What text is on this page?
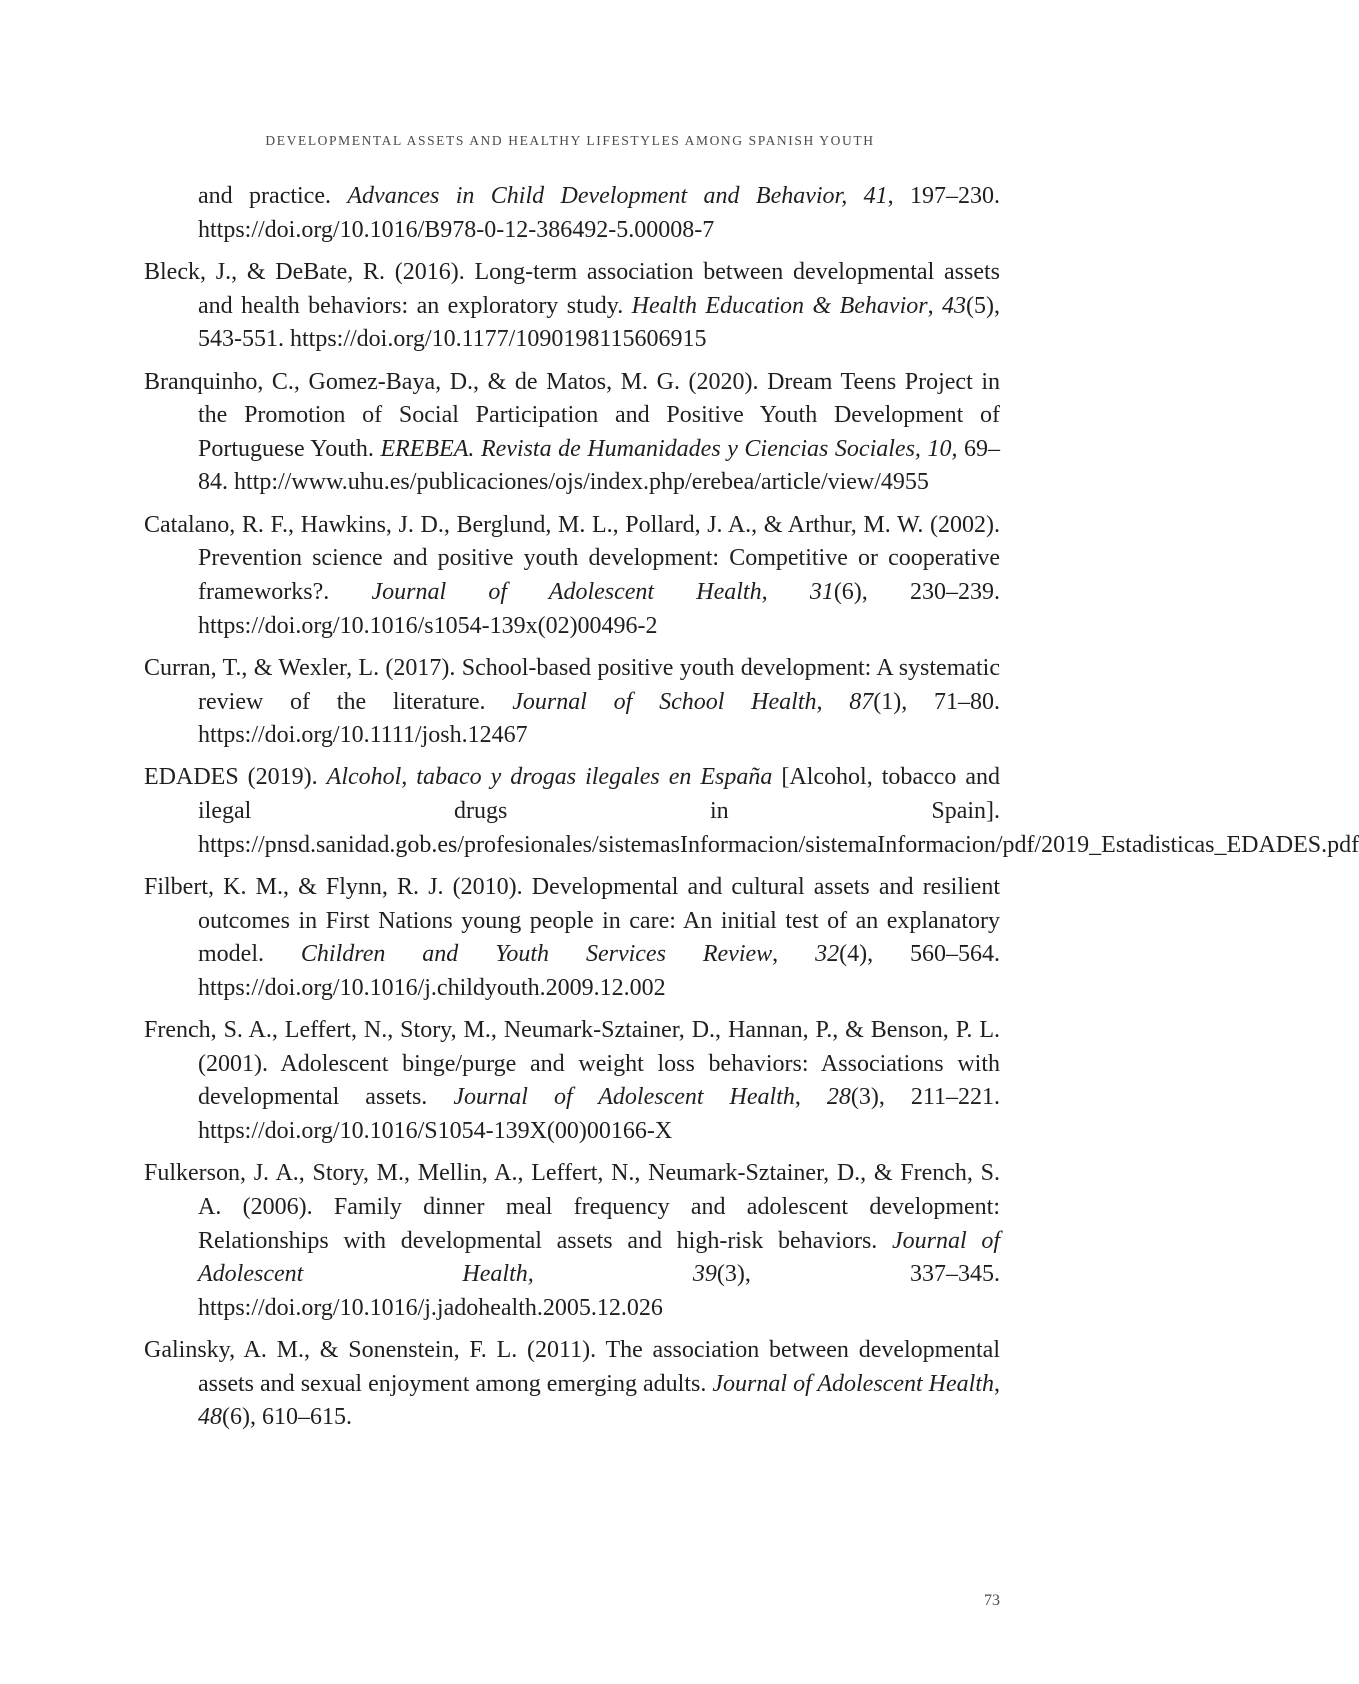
DEVELOPMENTAL ASSETS AND HEALTHY LIFESTYLES AMONG SPANISH YOUTH

and practice. Advances in Child Development and Behavior, 41, 197–230. https://doi.org/10.1016/B978-0-12-386492-5.00008-7

Bleck, J., & DeBate, R. (2016). Long-term association between developmental assets and health behaviors: an exploratory study. Health Education & Behavior, 43(5), 543-551. https://doi.org/10.1177/1090198115606915

Branquinho, C., Gomez-Baya, D., & de Matos, M. G. (2020). Dream Teens Project in the Promotion of Social Participation and Positive Youth Development of Portuguese Youth. EREBEA. Revista de Humanidades y Ciencias Sociales, 10, 69–84. http://www.uhu.es/publicaciones/ojs/index.php/erebea/article/view/4955

Catalano, R. F., Hawkins, J. D., Berglund, M. L., Pollard, J. A., & Arthur, M. W. (2002). Prevention science and positive youth development: Competitive or cooperative frameworks?. Journal of Adolescent Health, 31(6), 230–239. https://doi.org/10.1016/s1054-139x(02)00496-2

Curran, T., & Wexler, L. (2017). School-based positive youth development: A systematic review of the literature. Journal of School Health, 87(1), 71–80. https://doi.org/10.1111/josh.12467

EDADES (2019). Alcohol, tabaco y drogas ilegales en España [Alcohol, tobacco and ilegal drugs in Spain]. https://pnsd.sanidad.gob.es/profesionales/sistemasInformacion/sistemaInformacion/pdf/2019_Estadisticas_EDADES.pdf

Filbert, K. M., & Flynn, R. J. (2010). Developmental and cultural assets and resilient outcomes in First Nations young people in care: An initial test of an explanatory model. Children and Youth Services Review, 32(4), 560–564. https://doi.org/10.1016/j.childyouth.2009.12.002

French, S. A., Leffert, N., Story, M., Neumark-Sztainer, D., Hannan, P., & Benson, P. L. (2001). Adolescent binge/purge and weight loss behaviors: Associations with developmental assets. Journal of Adolescent Health, 28(3), 211–221. https://doi.org/10.1016/S1054-139X(00)00166-X

Fulkerson, J. A., Story, M., Mellin, A., Leffert, N., Neumark-Sztainer, D., & French, S. A. (2006). Family dinner meal frequency and adolescent development: Relationships with developmental assets and high-risk behaviors. Journal of Adolescent Health, 39(3), 337–345. https://doi.org/10.1016/j.jadohealth.2005.12.026

Galinsky, A. M., & Sonenstein, F. L. (2011). The association between developmental assets and sexual enjoyment among emerging adults. Journal of Adolescent Health, 48(6), 610–615.

73
